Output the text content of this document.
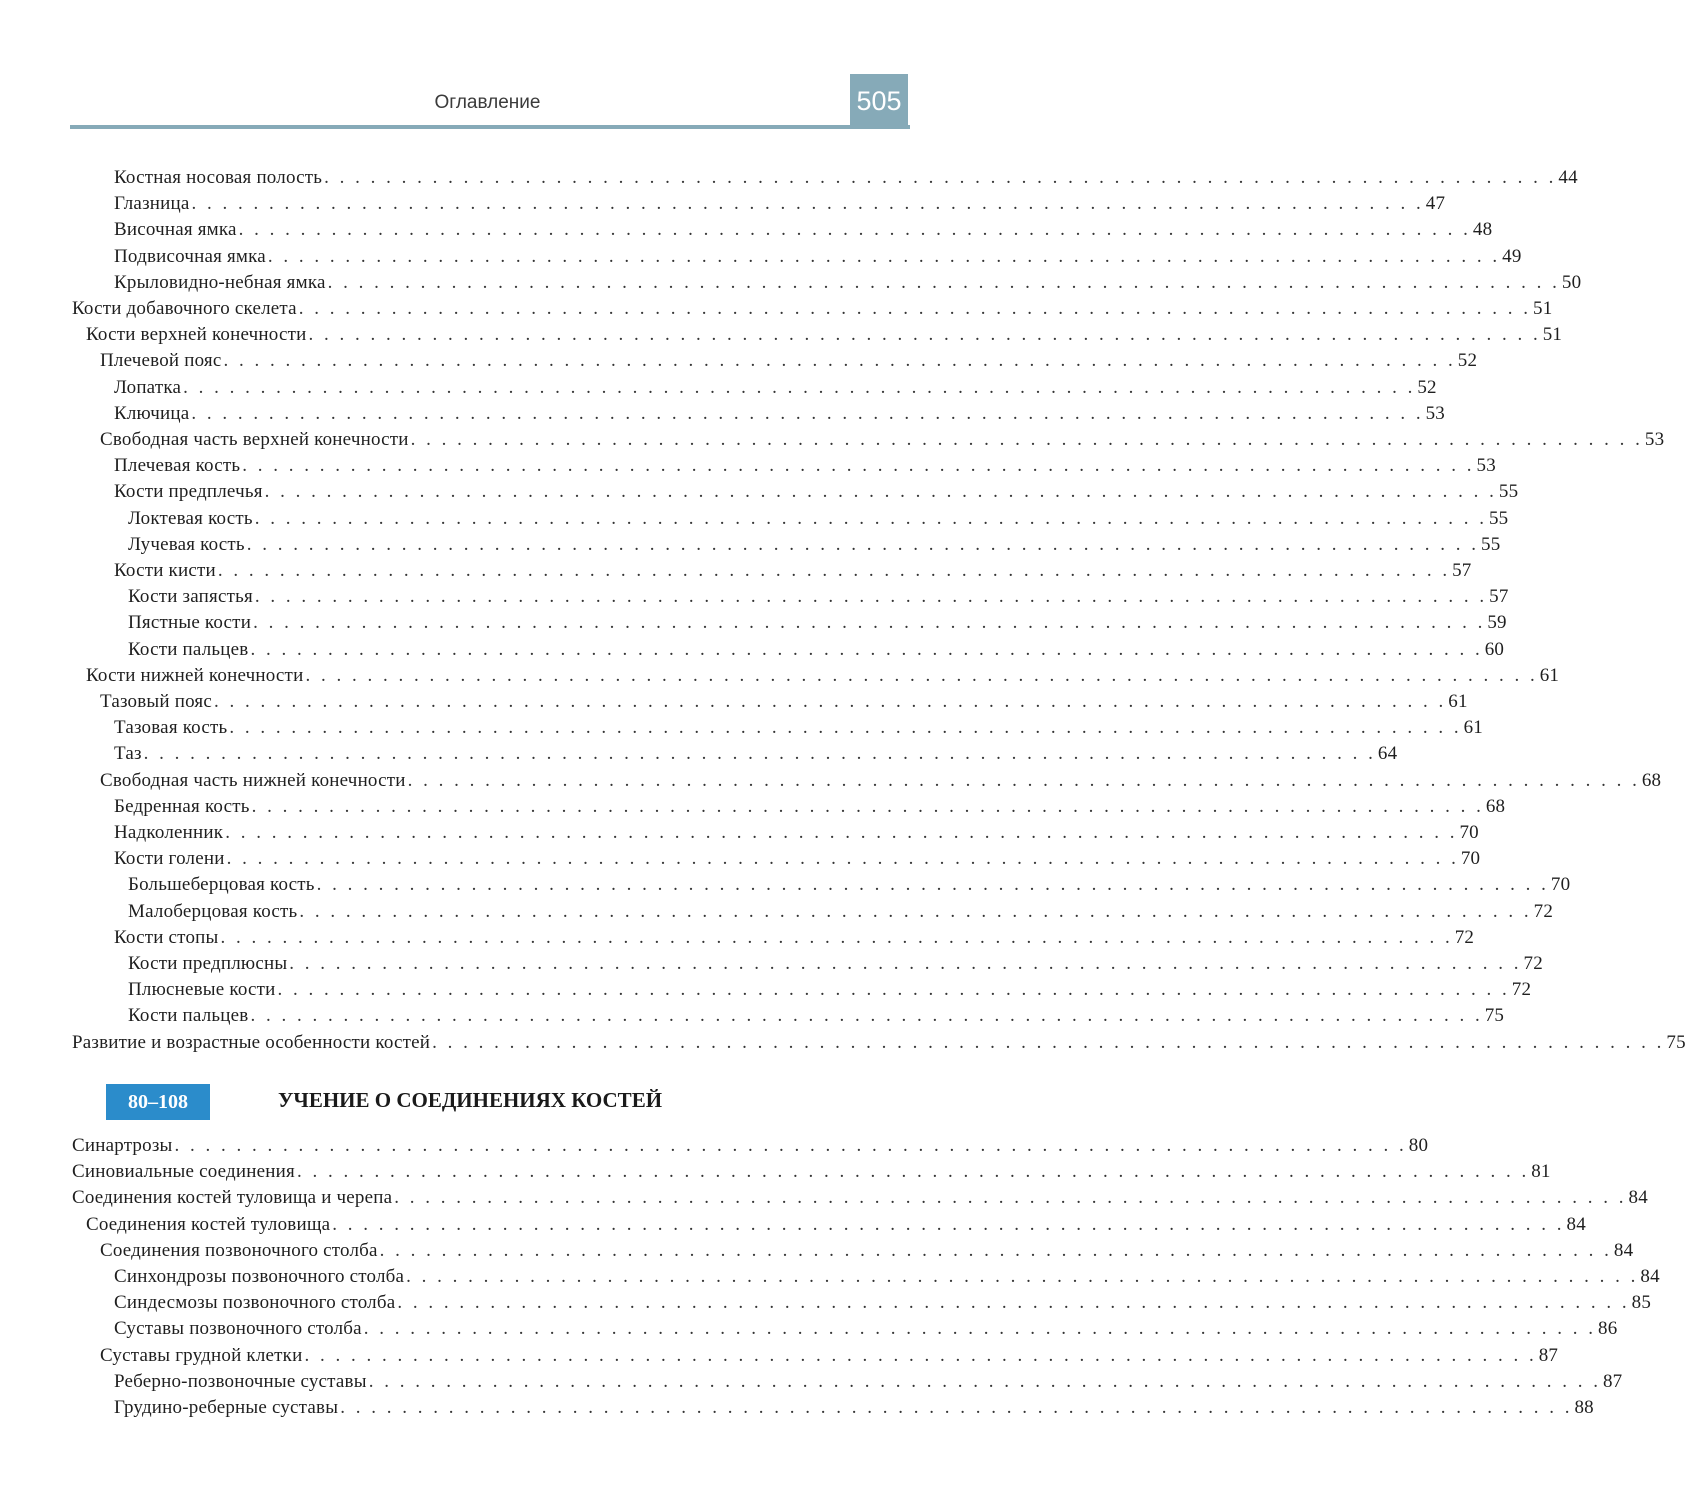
Оглавление	505
Костная носовая полость . . . . . . . . . . . . . . . . . . . . . . . . . . . . . . . . . . . . . . . . . . . . . . . . . . . . . . . . . . . . . . . . . . . . . . . . . . . . . . . . 44
Глазница . . . . . . . . . . . . . . . . . . . . . . . . . . . . . . . . . . . . . . . . . . . . . . . . . . . . . . . . . . . . . . . . . . . . . . . . . . . . . . . . 47
Височная ямка . . . . . . . . . . . . . . . . . . . . . . . . . . . . . . . . . . . . . . . . . . . . . . . . . . . . . . . . . . . . . . . . . . . . . . . . . . . . . . . . 48
Подвисочная ямка . . . . . . . . . . . . . . . . . . . . . . . . . . . . . . . . . . . . . . . . . . . . . . . . . . . . . . . . . . . . . . . . . . . . . . . . . . . . . . . . 49
Крыловидно-небная ямка . . . . . . . . . . . . . . . . . . . . . . . . . . . . . . . . . . . . . . . . . . . . . . . . . . . . . . . . . . . . . . . . . . . . . . . . . . . . . . . . 50
Кости добавочного скелета . . . . . . . . . . . . . . . . . . . . . . . . . . . . . . . . . . . . . . . . . . . . . . . . . . . . . . . . . . . . . . . . . . . . . . . . . . . . . . . . 51
Кости верхней конечности . . . . . . . . . . . . . . . . . . . . . . . . . . . . . . . . . . . . . . . . . . . . . . . . . . . . . . . . . . . . . . . . . . . . . . . . . . . . . . . . 51
Плечевой пояс . . . . . . . . . . . . . . . . . . . . . . . . . . . . . . . . . . . . . . . . . . . . . . . . . . . . . . . . . . . . . . . . . . . . . . . . . . . . . . . . 52
Лопатка . . . . . . . . . . . . . . . . . . . . . . . . . . . . . . . . . . . . . . . . . . . . . . . . . . . . . . . . . . . . . . . . . . . . . . . . . . . . . . . . 52
Ключица . . . . . . . . . . . . . . . . . . . . . . . . . . . . . . . . . . . . . . . . . . . . . . . . . . . . . . . . . . . . . . . . . . . . . . . . . . . . . . . . 53
Свободная часть верхней конечности . . . . . . . . . . . . . . . . . . . . . . . . . . . . . . . . . . . . . . . . . . . . . . . . . . . . . . . . . . . . . . . . . . . . . . . . . . . . . . . . 53
Плечевая кость . . . . . . . . . . . . . . . . . . . . . . . . . . . . . . . . . . . . . . . . . . . . . . . . . . . . . . . . . . . . . . . . . . . . . . . . . . . . . . . . 53
Кости предплечья . . . . . . . . . . . . . . . . . . . . . . . . . . . . . . . . . . . . . . . . . . . . . . . . . . . . . . . . . . . . . . . . . . . . . . . . . . . . . . . . 55
Локтевая кость . . . . . . . . . . . . . . . . . . . . . . . . . . . . . . . . . . . . . . . . . . . . . . . . . . . . . . . . . . . . . . . . . . . . . . . . . . . . . . . . 55
Лучевая кость . . . . . . . . . . . . . . . . . . . . . . . . . . . . . . . . . . . . . . . . . . . . . . . . . . . . . . . . . . . . . . . . . . . . . . . . . . . . . . . . 55
Кости кисти . . . . . . . . . . . . . . . . . . . . . . . . . . . . . . . . . . . . . . . . . . . . . . . . . . . . . . . . . . . . . . . . . . . . . . . . . . . . . . . . 57
Кости запястья . . . . . . . . . . . . . . . . . . . . . . . . . . . . . . . . . . . . . . . . . . . . . . . . . . . . . . . . . . . . . . . . . . . . . . . . . . . . . . . . 57
Пястные кости . . . . . . . . . . . . . . . . . . . . . . . . . . . . . . . . . . . . . . . . . . . . . . . . . . . . . . . . . . . . . . . . . . . . . . . . . . . . . . . . 59
Кости пальцев . . . . . . . . . . . . . . . . . . . . . . . . . . . . . . . . . . . . . . . . . . . . . . . . . . . . . . . . . . . . . . . . . . . . . . . . . . . . . . . . 60
Кости нижней конечности . . . . . . . . . . . . . . . . . . . . . . . . . . . . . . . . . . . . . . . . . . . . . . . . . . . . . . . . . . . . . . . . . . . . . . . . . . . . . . . . 61
Тазовый пояс . . . . . . . . . . . . . . . . . . . . . . . . . . . . . . . . . . . . . . . . . . . . . . . . . . . . . . . . . . . . . . . . . . . . . . . . . . . . . . . . 61
Тазовая кость . . . . . . . . . . . . . . . . . . . . . . . . . . . . . . . . . . . . . . . . . . . . . . . . . . . . . . . . . . . . . . . . . . . . . . . . . . . . . . . . 61
Таз . . . . . . . . . . . . . . . . . . . . . . . . . . . . . . . . . . . . . . . . . . . . . . . . . . . . . . . . . . . . . . . . . . . . . . . . . . . . . . . . 64
Свободная часть нижней конечности . . . . . . . . . . . . . . . . . . . . . . . . . . . . . . . . . . . . . . . . . . . . . . . . . . . . . . . . . . . . . . . . . . . . . . . . . . . . . . . . 68
Бедренная кость . . . . . . . . . . . . . . . . . . . . . . . . . . . . . . . . . . . . . . . . . . . . . . . . . . . . . . . . . . . . . . . . . . . . . . . . . . . . . . . . 68
Надколенник . . . . . . . . . . . . . . . . . . . . . . . . . . . . . . . . . . . . . . . . . . . . . . . . . . . . . . . . . . . . . . . . . . . . . . . . . . . . . . . . 70
Кости голени . . . . . . . . . . . . . . . . . . . . . . . . . . . . . . . . . . . . . . . . . . . . . . . . . . . . . . . . . . . . . . . . . . . . . . . . . . . . . . . . 70
Большеберцовая кость . . . . . . . . . . . . . . . . . . . . . . . . . . . . . . . . . . . . . . . . . . . . . . . . . . . . . . . . . . . . . . . . . . . . . . . . . . . . . . . . 70
Малоберцовая кость . . . . . . . . . . . . . . . . . . . . . . . . . . . . . . . . . . . . . . . . . . . . . . . . . . . . . . . . . . . . . . . . . . . . . . . . . . . . . . . . 72
Кости стопы . . . . . . . . . . . . . . . . . . . . . . . . . . . . . . . . . . . . . . . . . . . . . . . . . . . . . . . . . . . . . . . . . . . . . . . . . . . . . . . . 72
Кости предплюсны . . . . . . . . . . . . . . . . . . . . . . . . . . . . . . . . . . . . . . . . . . . . . . . . . . . . . . . . . . . . . . . . . . . . . . . . . . . . . . . . 72
Плюсневые кости . . . . . . . . . . . . . . . . . . . . . . . . . . . . . . . . . . . . . . . . . . . . . . . . . . . . . . . . . . . . . . . . . . . . . . . . . . . . . . . . 72
Кости пальцев . . . . . . . . . . . . . . . . . . . . . . . . . . . . . . . . . . . . . . . . . . . . . . . . . . . . . . . . . . . . . . . . . . . . . . . . . . . . . . . . 75
Развитие и возрастные особенности костей . . . . . . . . . . . . . . . . . . . . . . . . . . . . . . . . . . . . . . . . . . . . . . . . . . . . . . . . . . . . . . . . . . . . . . . . . . . . . . . . 75
80–108	УЧЕНИЕ О СОЕДИНЕНИЯХ КОСТЕЙ
Синартрозы . . . . . . . . . . . . . . . . . . . . . . . . . . . . . . . . . . . . . . . . . . . . . . . . . . . . . . . . . . . . . . . . . . . . . . . . . . . . . . . . 80
Синовиальные соединения . . . . . . . . . . . . . . . . . . . . . . . . . . . . . . . . . . . . . . . . . . . . . . . . . . . . . . . . . . . . . . . . . . . . . . . . . . . . . . . . 81
Соединения костей туловища и черепа . . . . . . . . . . . . . . . . . . . . . . . . . . . . . . . . . . . . . . . . . . . . . . . . . . . . . . . . . . . . . . . . . . . . . . . . . . . . . . . . 84
Соединения костей туловища . . . . . . . . . . . . . . . . . . . . . . . . . . . . . . . . . . . . . . . . . . . . . . . . . . . . . . . . . . . . . . . . . . . . . . . . . . . . . . . . 84
Соединения позвоночного столба . . . . . . . . . . . . . . . . . . . . . . . . . . . . . . . . . . . . . . . . . . . . . . . . . . . . . . . . . . . . . . . . . . . . . . . . . . . . . . . . 84
Синхондрозы позвоночного столба . . . . . . . . . . . . . . . . . . . . . . . . . . . . . . . . . . . . . . . . . . . . . . . . . . . . . . . . . . . . . . . . . . . . . . . . . . . . . . . . 84
Синдесмозы позвоночного столба . . . . . . . . . . . . . . . . . . . . . . . . . . . . . . . . . . . . . . . . . . . . . . . . . . . . . . . . . . . . . . . . . . . . . . . . . . . . . . . . 85
Суставы позвоночного столба . . . . . . . . . . . . . . . . . . . . . . . . . . . . . . . . . . . . . . . . . . . . . . . . . . . . . . . . . . . . . . . . . . . . . . . . . . . . . . . . 86
Суставы грудной клетки . . . . . . . . . . . . . . . . . . . . . . . . . . . . . . . . . . . . . . . . . . . . . . . . . . . . . . . . . . . . . . . . . . . . . . . . . . . . . . . . 87
Реберно-позвоночные суставы . . . . . . . . . . . . . . . . . . . . . . . . . . . . . . . . . . . . . . . . . . . . . . . . . . . . . . . . . . . . . . . . . . . . . . . . . . . . . . . . 87
Грудино-реберные суставы . . . . . . . . . . . . . . . . . . . . . . . . . . . . . . . . . . . . . . . . . . . . . . . . . . . . . . . . . . . . . . . . . . . . . . . . . . . . . . . . 88
